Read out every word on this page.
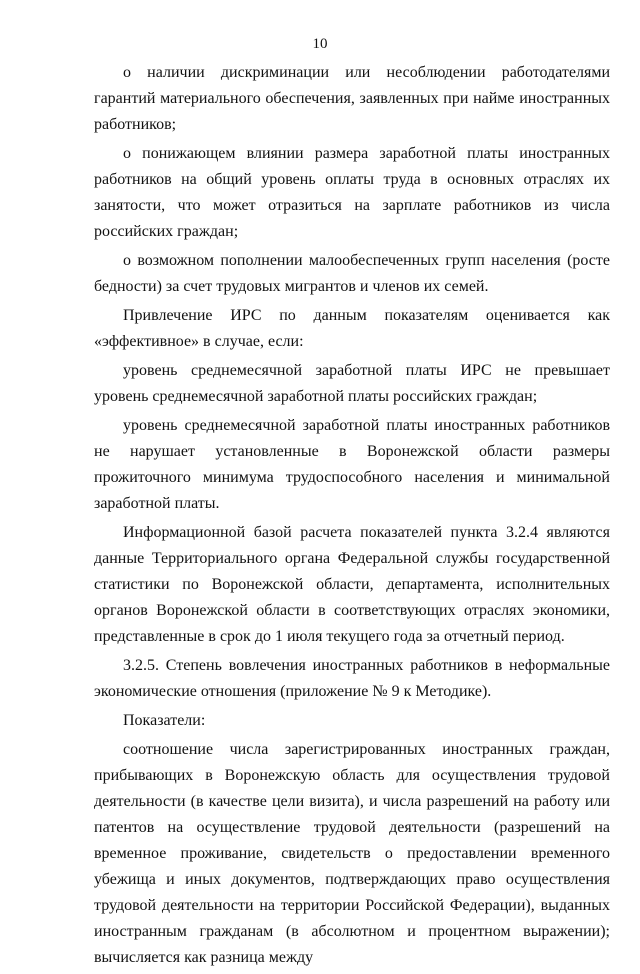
10

о наличии дискриминации или несоблюдении работодателями гарантий материального обеспечения, заявленных при найме иностранных работников;

о понижающем влиянии размера заработной платы иностранных работников на общий уровень оплаты труда в основных отраслях их занятости, что может отразиться на зарплате работников из числа российских граждан;

о возможном пополнении малообеспеченных групп населения (росте бедности) за счет трудовых мигрантов и членов их семей.

Привлечение ИРС по данным показателям оценивается как «эффективное» в случае, если:

уровень среднемесячной заработной платы ИРС не превышает уровень среднемесячной заработной платы российских граждан;

уровень среднемесячной заработной платы иностранных работников не нарушает установленные в Воронежской области размеры прожиточного минимума трудоспособного населения и минимальной заработной платы.

Информационной базой расчета показателей пункта 3.2.4 являются данные Территориального органа Федеральной службы государственной статистики по Воронежской области, департамента, исполнительных органов Воронежской области в соответствующих отраслях экономики, представленные в срок до 1 июля текущего года за отчетный период.

3.2.5. Степень вовлечения иностранных работников в неформальные экономические отношения (приложение № 9 к Методике).

Показатели:

соотношение числа зарегистрированных иностранных граждан, прибывающих в Воронежскую область для осуществления трудовой деятельности (в качестве цели визита), и числа разрешений на работу или патентов на осуществление трудовой деятельности (разрешений на временное проживание, свидетельств о предоставлении временного убежища и иных документов, подтверждающих право осуществления трудовой деятельности на территории Российской Федерации), выданных иностранным гражданам (в абсолютном и процентном выражении); вычисляется как разница между
